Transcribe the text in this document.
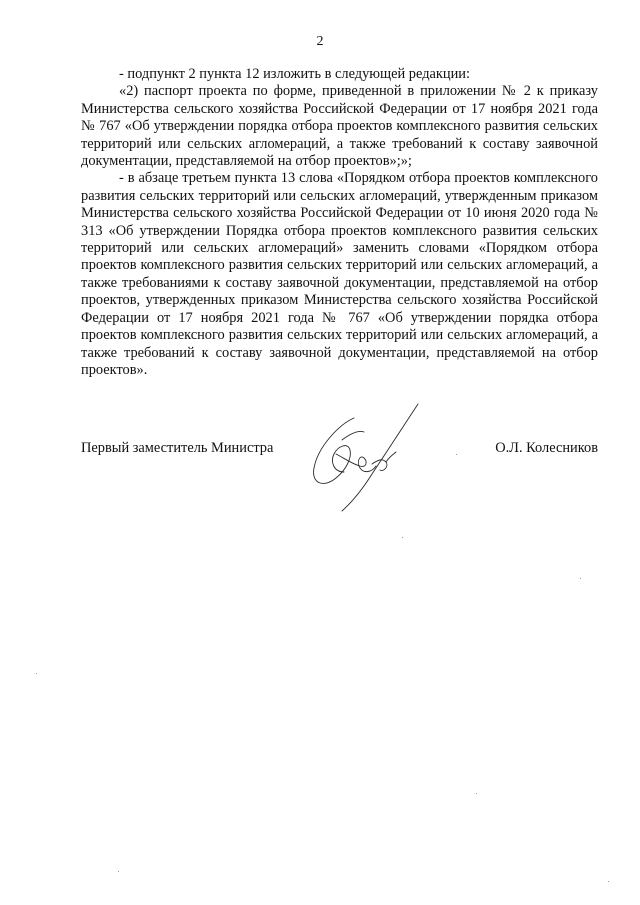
2

- подпункт 2 пункта 12 изложить в следующей редакции:

«2) паспорт проекта по форме, приведенной в приложении № 2 к приказу Министерства сельского хозяйства Российской Федерации от 17 ноября 2021 года № 767 «Об утверждении порядка отбора проектов комплексного развития сельских территорий или сельских агломераций, а также требований к составу заявочной документации, представляемой на отбор проектов»;»;

- в абзаце третьем пункта 13 слова «Порядком отбора проектов комплексного развития сельских территорий или сельских агломераций, утвержденным приказом Министерства сельского хозяйства Российской Федерации от 10 июня 2020 года № 313 «Об утверждении Порядка отбора проектов комплексного развития сельских территорий или сельских агломераций» заменить словами «Порядком отбора проектов комплексного развития сельских территорий или сельских агломераций, а также требованиями к составу заявочной документации, представляемой на отбор проектов, утвержденных приказом Министерства сельского хозяйства Российской Федерации от 17 ноября 2021 года № 767 «Об утверждении порядка отбора проектов комплексного развития сельских территорий или сельских агломераций, а также требований к составу заявочной документации, представляемой на отбор проектов».

Первый заместитель Министра	О.Л. Колесников
